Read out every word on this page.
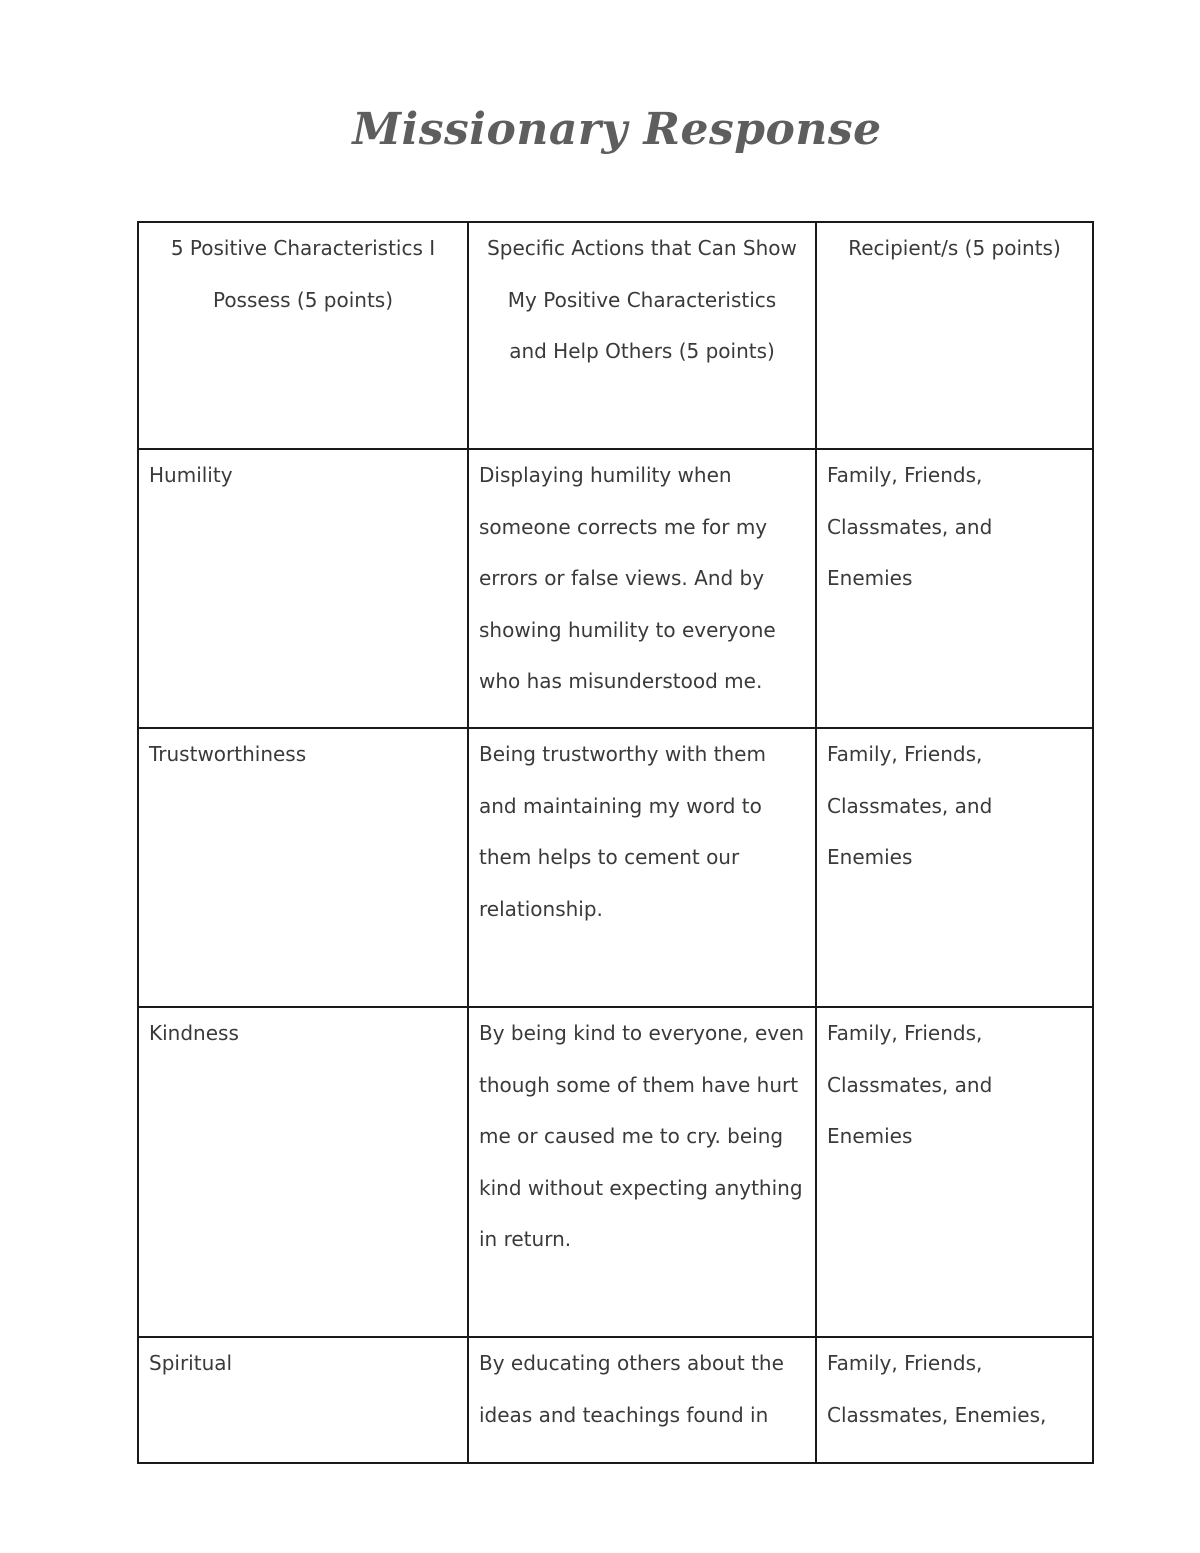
Missionary Response
5 Positive Characteristics I Possess (5 points)	Specific Actions that Can Show My Positive Characteristics and Help Others (5 points)	Recipient/s (5 points)

Humility	Displaying humility when someone corrects me for my errors or false views. And by showing humility to everyone who has misunderstood me.	Family, Friends, Classmates, and Enemies

Trustworthiness	Being trustworthy with them and maintaining my word to them helps to cement our relationship.	Family, Friends, Classmates, and Enemies

Kindness	By being kind to everyone, even though some of them have hurt me or caused me to cry. being kind without expecting anything in return.	Family, Friends, Classmates, and Enemies

Spiritual	By educating others about the ideas and teachings found in	Family, Friends, Classmates, Enemies,
